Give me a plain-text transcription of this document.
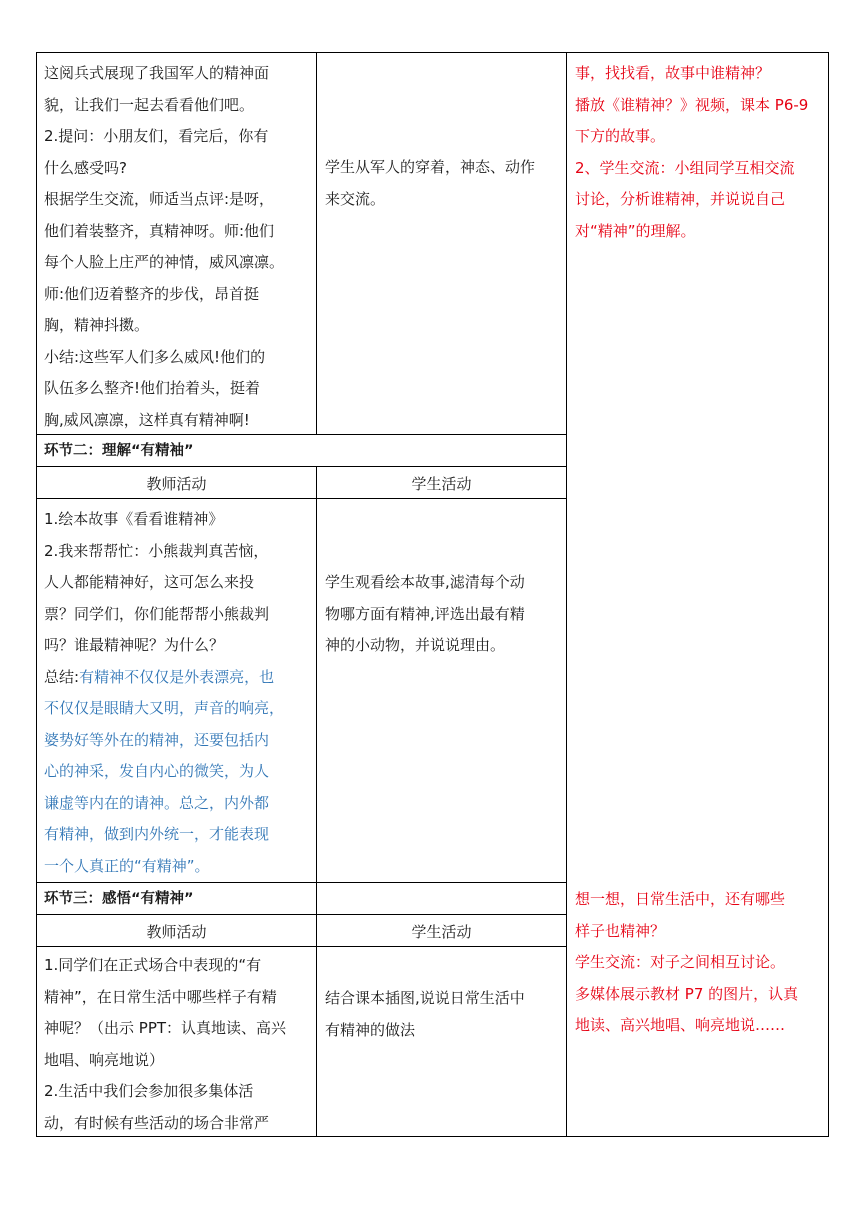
这阅兵式展现了我国军人的精神面

貌，让我们一起去看看他们吧。

2.提问：小朋友们，看完后，你有

什么感受吗?

根据学生交流，师适当点评:是呀，

他们着装整齐，真精神呀。师:他们

每个人脸上庄严的神情，威风凛凛。

师:他们迈着整齐的步伐，昂首挺

胸，精神抖擞。

小结:这些军人们多么威风!他们的

队伍多么整齐!他们抬着头，挺着

胸,威风凛凛，这样真有精神啊!

学生从军人的穿着，神态、动作

来交流。

事，找找看，故事中谁精神？

播放《谁精神？》视频，课本 P6-9

下方的故事。

2、学生交流：小组同学互相交流

讨论，分析谁精神，并说说自己

对“精神”的理解。

环节二：理解“有精袖”
教师活动	学生活动

1.绘本故事《看看谁精神》

2.我来帮帮忙：小熊裁判真苦恼，

人人都能精神好，这可怎么来投

票？同学们，你们能帮帮小熊裁判

吗？谁最精神呢？为什么？

总结:有精神不仅仅是外表漂亮，也

不仅仅是眼睛大又明，声音的响亮，

婆势好等外在的精神，还要包括内

心的神采，发自内心的微笑，为人

谦虚等内在的请神。总之，内外都

有精神，做到内外统一，才能表现

一个人真正的“有精神”。

学生观看绘本故事,滤清每个动

物哪方面有精神,评选出最有精

神的小动物，并说说理由。

环节三：感悟“有精神”
教师活动	学生活动

1.同学们在正式场合中表现的“有

精神”，在日常生活中哪些样子有精

神呢？（出示 PPT：认真地读、高兴

地唱、响亮地说）

2.生活中我们会参加很多集体活

动，有时候有些活动的场合非常严

结合课本插图,说说日常生活中

有精神的做法

想一想，日常生活中，还有哪些

样子也精神？

学生交流：对子之间相互讨论。

多媒体展示教材 P7 的图片，认真

地读、高兴地唱、响亮地说……
